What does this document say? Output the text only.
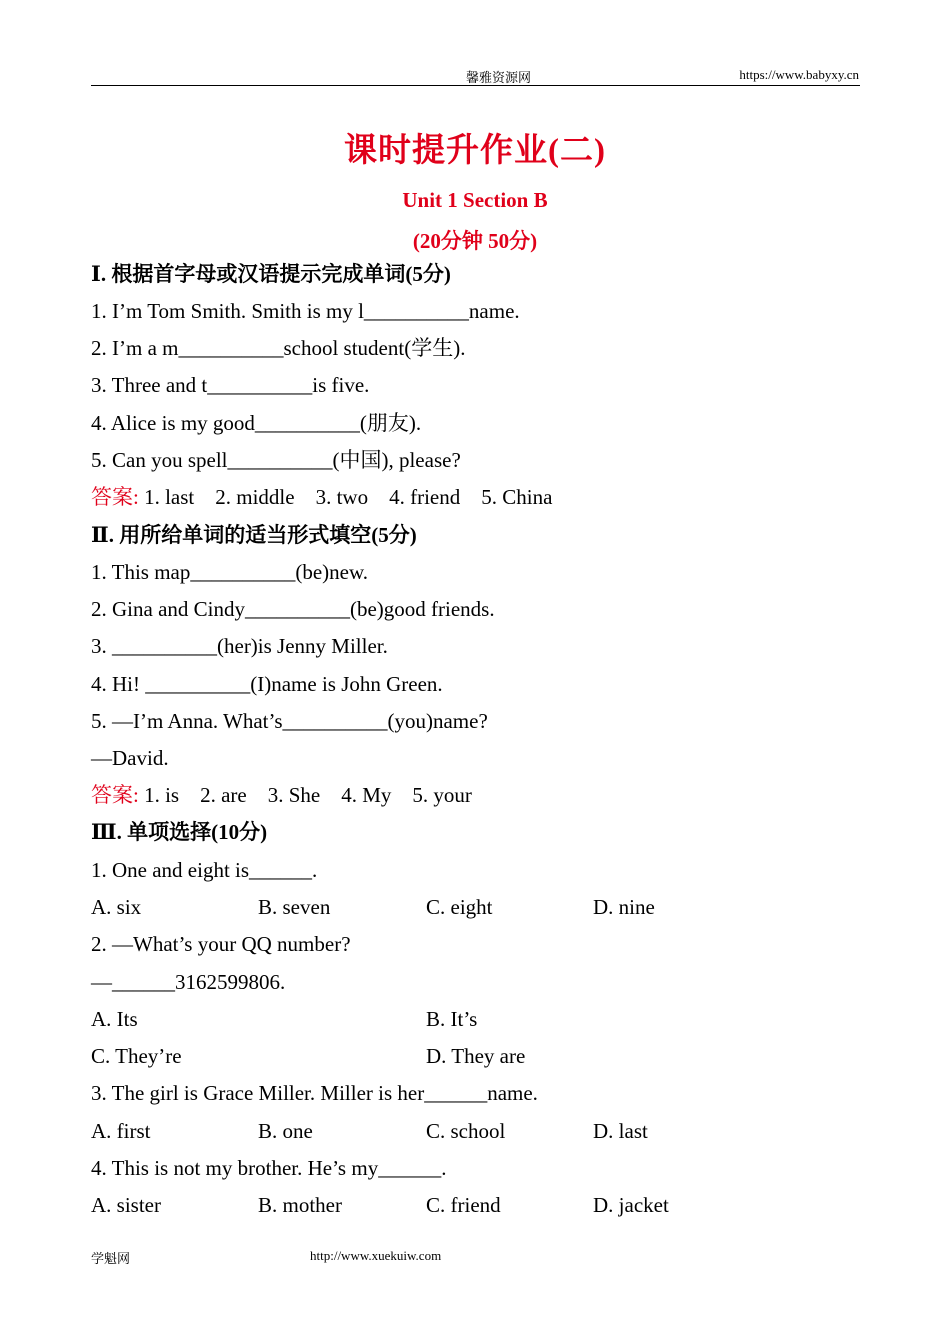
馨雅资源网	https://www.babyxy.cn
课时提升作业(二)
Unit 1 Section B
(20分钟 50分)
Ⅰ. 根据首字母或汉语提示完成单词(5分)
1. I’m Tom Smith. Smith is my l__________name.
2. I’m a m__________school student(学生).
3. Three and t__________is five.
4. Alice is my good__________(朋友).
5. Can you spell__________(中国), please?
答案: 1. last    2. middle    3. two    4. friend    5. China
Ⅱ. 用所给单词的适当形式填空(5分)
1. This map__________(be)new.
2. Gina and Cindy__________(be)good friends.
3. __________(her)is Jenny Miller.
4. Hi! __________(I)name is John Green.
5. —I’m Anna. What’s__________(you)name?
—David.
答案: 1. is    2. are    3. She    4. My    5. your
Ⅲ. 单项选择(10分)
1. One and eight is______.
A. six	B. seven	C. eight	D. nine
2. —What’s your QQ number?
—______3162599806.
A. Its	B. It’s
C. They’re	D. They are
3. The girl is Grace Miller. Miller is her______name.
A. first	B. one	C. school	D. last
4. This is not my brother. He’s my______.
A. sister	B. mother	C. friend	D. jacket
学魁网	http://www.xuekuiw.com
